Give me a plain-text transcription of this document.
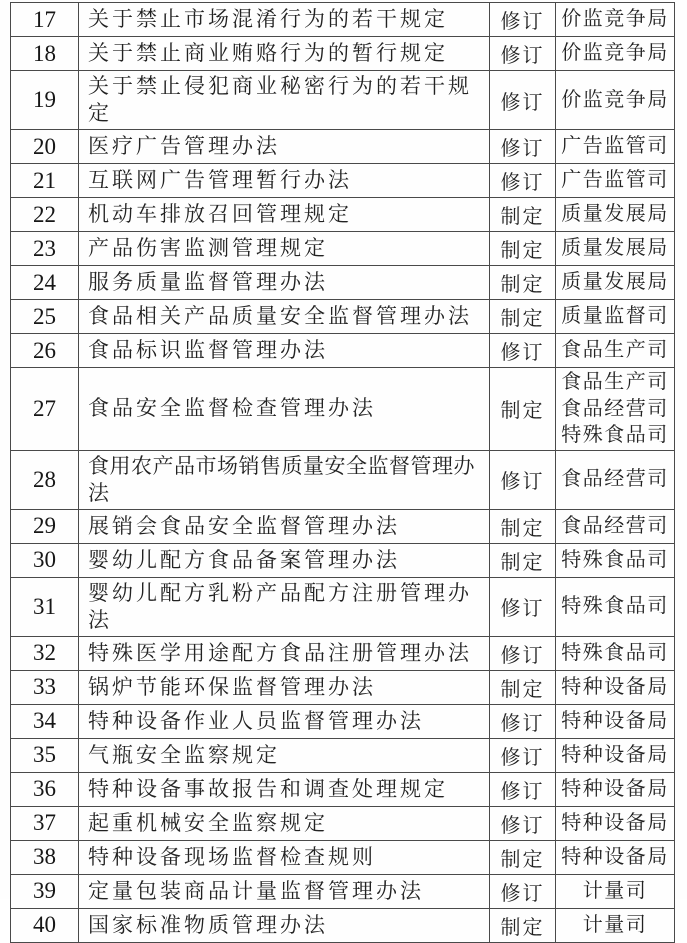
17	关于禁止市场混淆行为的若干规定	修订	价监竞争局

18	关于禁止商业贿赂行为的暂行规定	修订	价监竞争局

19	关于禁止侵犯商业秘密行为的若干规定	修订	价监竞争局

20	医疗广告管理办法	修订	广告监管司

21	互联网广告管理暂行办法	修订	广告监管司

22	机动车排放召回管理规定	制定	质量发展局

23	产品伤害监测管理规定	制定	质量发展局

24	服务质量监督管理办法	制定	质量发展局

25	食品相关产品质量安全监督管理办法	制定	质量监督司

26	食品标识监督管理办法	修订	食品生产司

27	食品安全监督检查管理办法	制定	食品生产司
食品经营司
特殊食品司

28	食用农产品市场销售质量安全监督管理办法	修订	食品经营司

29	展销会食品安全监督管理办法	制定	食品经营司

30	婴幼儿配方食品备案管理办法	制定	特殊食品司

31	婴幼儿配方乳粉产品配方注册管理办法	修订	特殊食品司

32	特殊医学用途配方食品注册管理办法	修订	特殊食品司

33	锅炉节能环保监督管理办法	制定	特种设备局

34	特种设备作业人员监督管理办法	修订	特种设备局

35	气瓶安全监察规定	修订	特种设备局

36	特种设备事故报告和调查处理规定	修订	特种设备局

37	起重机械安全监察规定	修订	特种设备局

38	特种设备现场监督检查规则	制定	特种设备局

39	定量包装商品计量监督管理办法	修订	计量司

40	国家标准物质管理办法	制定	计量司
